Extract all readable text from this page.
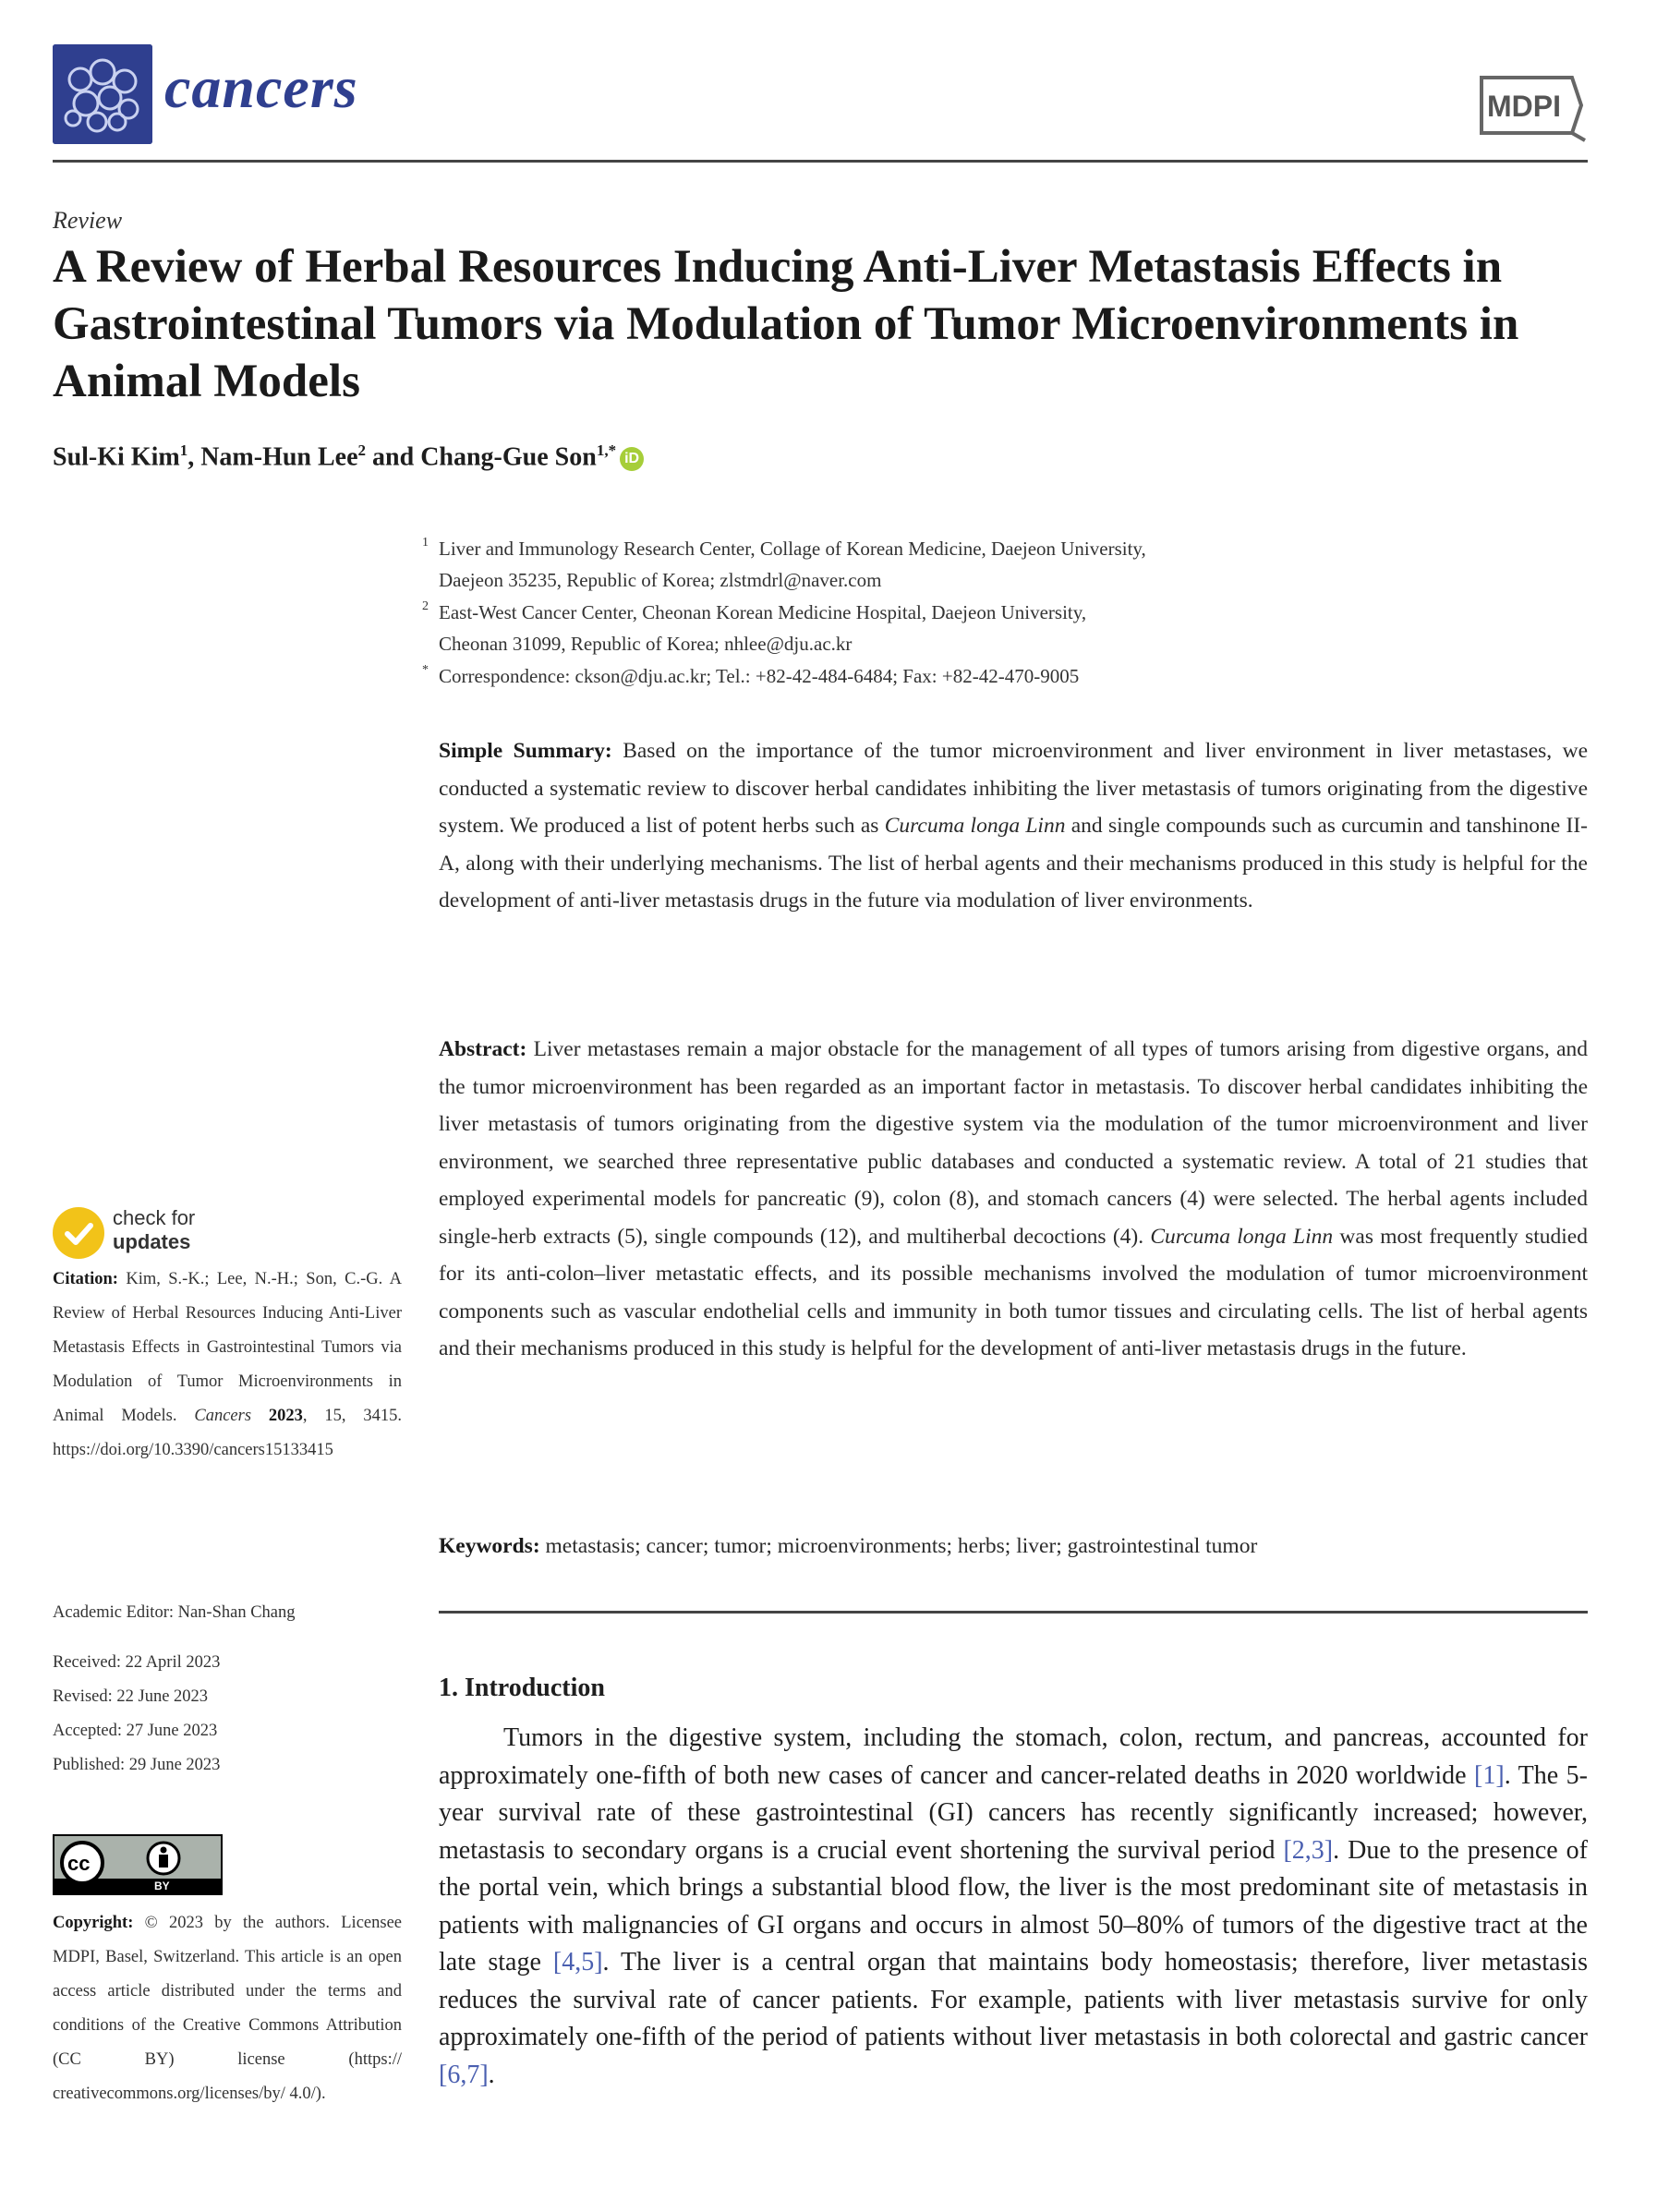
cancers	MDPI
Review
A Review of Herbal Resources Inducing Anti-Liver Metastasis Effects in Gastrointestinal Tumors via Modulation of Tumor Microenvironments in Animal Models
Sul-Ki Kim$^1$, Nam-Hun Lee$^2$ and Chang-Gue Son$^{1,*}$ iD
1 Liver and Immunology Research Center, Collage of Korean Medicine, Daejeon University,
Daejeon 35235, Republic of Korea; zlstmdrl@naver.com
2 East-West Cancer Center, Cheonan Korean Medicine Hospital, Daejeon University,
Cheonan 31099, Republic of Korea; nhlee@dju.ac.kr
* Correspondence: ckson@dju.ac.kr; Tel.: +82-42-484-6484; Fax: +82-42-470-9005
Simple Summary: Based on the importance of the tumor microenvironment and liver environment in liver metastases, we conducted a systematic review to discover herbal candidates inhibiting the liver metastasis of tumors originating from the digestive system. We produced a list of potent herbs such as Curcuma longa Linn and single compounds such as curcumin and tanshinone II-A, along with their underlying mechanisms. The list of herbal agents and their mechanisms produced in this study is helpful for the development of anti-liver metastasis drugs in the future via modulation of liver environments.
Abstract: Liver metastases remain a major obstacle for the management of all types of tumors arising from digestive organs, and the tumor microenvironment has been regarded as an important factor in metastasis. To discover herbal candidates inhibiting the liver metastasis of tumors originating from the digestive system via the modulation of the tumor microenvironment and liver environment, we searched three representative public databases and conducted a systematic review. A total of 21 studies that employed experimental models for pancreatic (9), colon (8), and stomach cancers (4) were selected. The herbal agents included single-herb extracts (5), single compounds (12), and multiherbal decoctions (4). Curcuma longa Linn was most frequently studied for its anti-colon–liver metastatic effects, and its possible mechanisms involved the modulation of tumor microenvironment components such as vascular endothelial cells and immunity in both tumor tissues and circulating cells. The list of herbal agents and their mechanisms produced in this study is helpful for the development of anti-liver metastasis drugs in the future.
Keywords: metastasis; cancer; tumor; microenvironments; herbs; liver; gastrointestinal tumor
1. Introduction
Tumors in the digestive system, including the stomach, colon, rectum, and pancreas, accounted for approximately one-fifth of both new cases of cancer and cancer-related deaths in 2020 worldwide [1]. The 5-year survival rate of these gastrointestinal (GI) cancers has recently significantly increased; however, metastasis to secondary organs is a crucial event shortening the survival period [2,3]. Due to the presence of the portal vein, which brings a substantial blood flow, the liver is the most predominant site of metastasis in patients with malignancies of GI organs and occurs in almost 50–80% of tumors of the digestive tract at the late stage [4,5]. The liver is a central organ that maintains body homeostasis; therefore, liver metastasis reduces the survival rate of cancer patients. For example, patients with liver metastasis survive for only approximately one-fifth of the period of patients without liver metastasis in both colorectal and gastric cancer [6,7].
check for
updates
Citation: Kim, S.-K.; Lee, N.-H.; Son, C.-G. A Review of Herbal Resources Inducing Anti-Liver Metastasis Effects in Gastrointestinal Tumors via Modulation of Tumor Microenvironments in Animal Models. Cancers 2023, 15, 3415. https://doi.org/10.3390/cancers15133415
Academic Editor: Nan-Shan Chang
Received: 22 April 2023
Revised: 22 June 2023
Accepted: 27 June 2023
Published: 29 June 2023
cc
BY
Copyright: © 2023 by the authors. Licensee MDPI, Basel, Switzerland. This article is an open access article distributed under the terms and conditions of the Creative Commons Attribution (CC BY) license (https:// creativecommons.org/licenses/by/ 4.0/).
